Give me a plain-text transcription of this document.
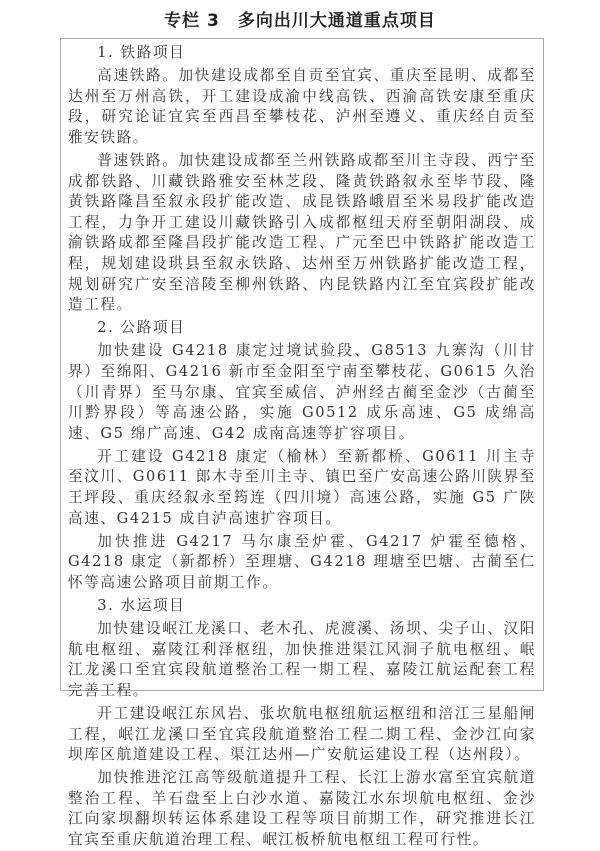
专栏 3 多向出川大通道重点项目

1. 铁路项目

高速铁路。加快建设成都至自贡至宜宾、重庆至昆明、成都至达州至万州高铁，开工建设成渝中线高铁、西渝高铁安康至重庆段，研究论证宜宾至西昌至攀枝花、泸州至遵义、重庆经自贡至雅安铁路。

普速铁路。加快建设成都至兰州铁路成都至川主寺段、西宁至成都铁路、川藏铁路雅安至林芝段、隆黄铁路叙永至毕节段、隆黄铁路隆昌至叙永段扩能改造、成昆铁路峨眉至米易段扩能改造工程，力争开工建设川藏铁路引入成都枢纽天府至朝阳湖段、成渝铁路成都至隆昌段扩能改造工程、广元至巴中铁路扩能改造工程，规划建设珙县至叙永铁路、达州至万州铁路扩能改造工程，规划研究广安至涪陵至柳州铁路、内昆铁路内江至宜宾段扩能改造工程。

2. 公路项目

加快建设 G4218 康定过境试验段、G8513 九寨沟（川甘界）至绵阳、G4216 新市至金阳至宁南至攀枝花、G0615 久治（川青界）至马尔康、宜宾至威信、泸州经古蔺至金沙（古蔺至川黔界段）等高速公路，实施 G0512 成乐高速、G5 成绵高速、G5 绵广高速、G42 成南高速等扩容项目。

开工建设 G4218 康定（榆林）至新都桥、G0611 川主寺至汶川、G0611 郎木寺至川主寺、镇巴至广安高速公路川陕界至王坪段、重庆经叙永至筠连（四川境）高速公路，实施 G5 广陕高速、G4215 成自泸高速扩容项目。

加快推进 G4217 马尔康至炉霍、G4217 炉霍至德格、G4218 康定（新都桥）至理塘、G4218 理塘至巴塘、古蔺至仁怀等高速公路项目前期工作。

3. 水运项目

加快建设岷江龙溪口、老木孔、虎渡溪、汤坝、尖子山、汉阳航电枢纽、嘉陵江利泽枢纽，加快推进渠江风洞子航电枢纽、岷江龙溪口至宜宾段航道整治工程一期工程、嘉陵江航运配套工程完善工程。

开工建设岷江东风岩、张坎航电枢纽航运枢纽和涪江三星船闸工程，岷江龙溪口至宜宾段航道整治工程二期工程、金沙江向家坝库区航道建设工程、渠江达州—广安航运建设工程（达州段）。

加快推进沱江高等级航道提升工程、长江上游水富至宜宾航道整治工程、羊石盘至上白沙水道、嘉陵江水东坝航电枢纽、金沙江向家坝翻坝转运体系建设工程等项目前期工作，研究推进长江宜宾至重庆航道治理工程、岷江板桥航电枢纽工程可行性。
